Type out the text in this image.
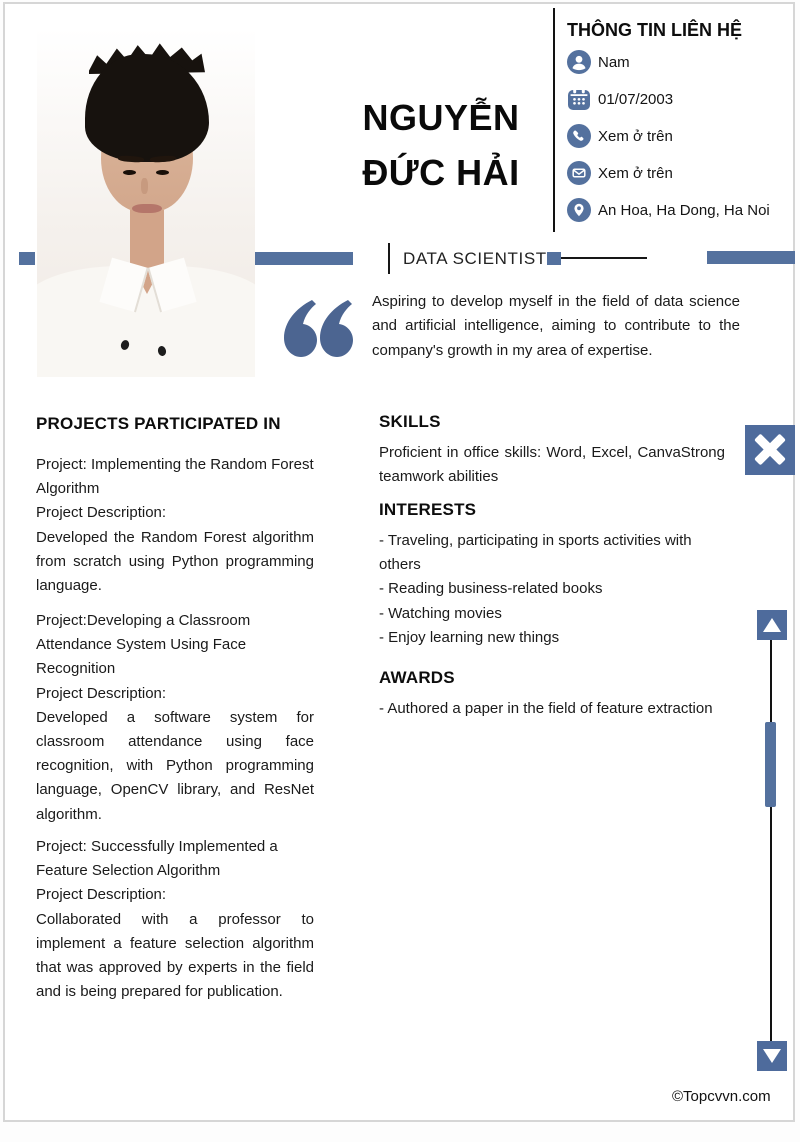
NGUYỄN
ĐỨC HẢI
THÔNG TIN LIÊN HỆ
Nam
01/07/2003
Xem ở trên
Xem ở trên
An Hoa, Ha Dong, Ha Noi
DATA SCIENTIST
Aspiring to develop myself in the field of data science and artificial intelligence, aiming to contribute to the company's growth in my area of expertise.
PROJECTS PARTICIPATED IN
Project: Implementing the Random Forest Algorithm
Project Description:
Developed the Random Forest algorithm from scratch using Python programming language.
Project:Developing a Classroom Attendance System Using Face Recognition
Project Description:
Developed a software system for classroom attendance using face recognition, with Python programming language, OpenCV library, and ResNet algorithm.
Project: Successfully Implemented a Feature Selection Algorithm
Project Description:
Collaborated with a professor to implement a feature selection algorithm that was approved by experts in the field and is being prepared for publication.
SKILLS
Proficient in office skills: Word, Excel, CanvaStrong teamwork abilities
INTERESTS
- Traveling, participating in sports activities with others
- Reading business-related books
- Watching movies
- Enjoy learning new things
AWARDS
- Authored a paper in the field of feature extraction
©Topcvvn.com
